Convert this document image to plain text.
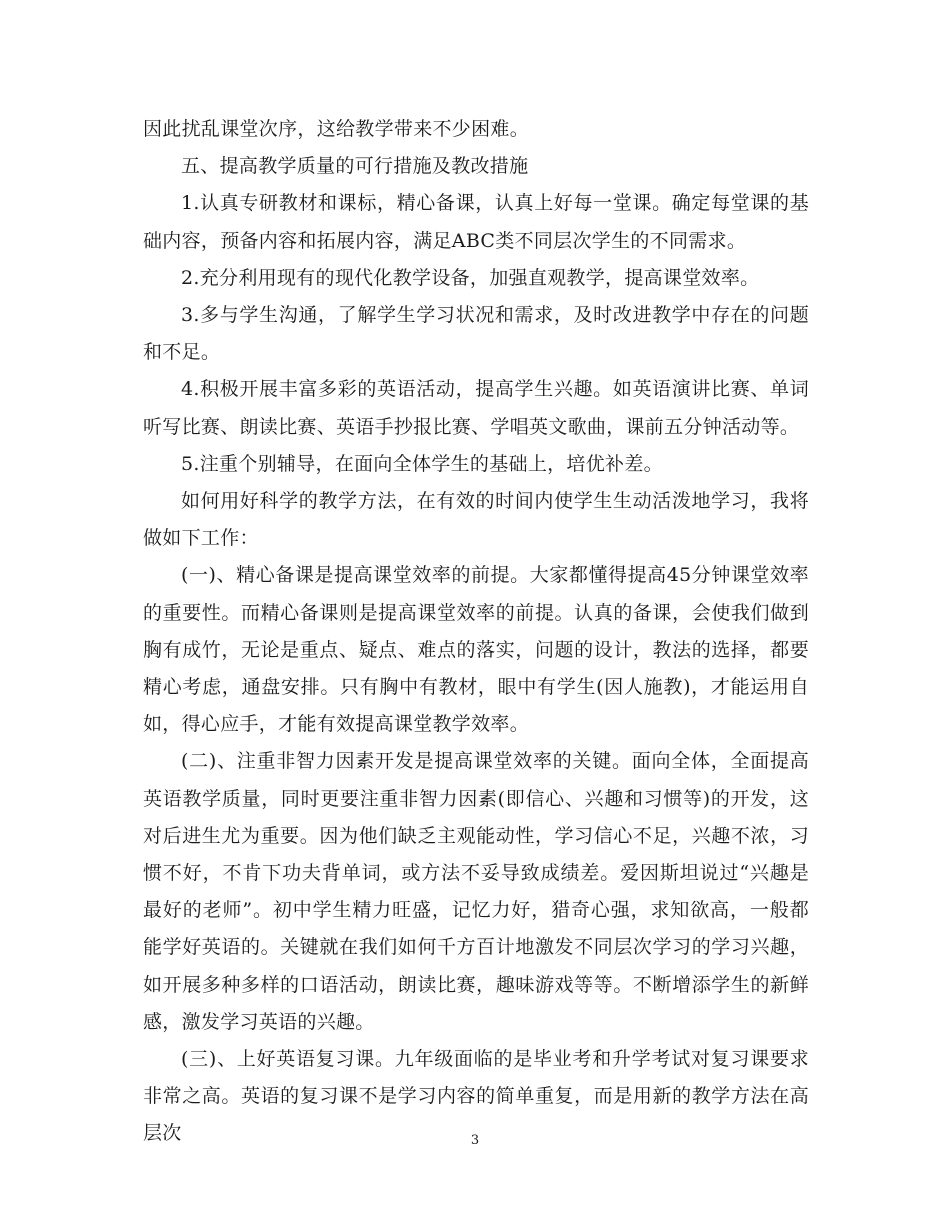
因此扰乱课堂次序，这给教学带来不少困难。

五、提高教学质量的可行措施及教改措施

1.认真专研教材和课标，精心备课，认真上好每一堂课。确定每堂课的基础内容，预备内容和拓展内容，满足ABC类不同层次学生的不同需求。

2.充分利用现有的现代化教学设备，加强直观教学，提高课堂效率。

3.多与学生沟通，了解学生学习状况和需求，及时改进教学中存在的问题和不足。

4.积极开展丰富多彩的英语活动，提高学生兴趣。如英语演讲比赛、单词听写比赛、朗读比赛、英语手抄报比赛、学唱英文歌曲，课前五分钟活动等。

5.注重个别辅导，在面向全体学生的基础上，培优补差。

如何用好科学的教学方法，在有效的时间内使学生生动活泼地学习，我将做如下工作：

(一)、精心备课是提高课堂效率的前提。大家都懂得提高45分钟课堂效率的重要性。而精心备课则是提高课堂效率的前提。认真的备课，会使我们做到胸有成竹，无论是重点、疑点、难点的落实，问题的设计，教法的选择，都要精心考虑，通盘安排。只有胸中有教材，眼中有学生(因人施教)，才能运用自如，得心应手，才能有效提高课堂教学效率。

(二)、注重非智力因素开发是提高课堂效率的关键。面向全体，全面提高英语教学质量，同时更要注重非智力因素(即信心、兴趣和习惯等)的开发，这对后进生尤为重要。因为他们缺乏主观能动性，学习信心不足，兴趣不浓，习惯不好，不肯下功夫背单词，或方法不妥导致成绩差。爱因斯坦说过“兴趣是最好的老师”。初中学生精力旺盛，记忆力好，猎奇心强，求知欲高，一般都能学好英语的。关键就在我们如何千方百计地激发不同层次学习的学习兴趣，如开展多种多样的口语活动，朗读比赛，趣味游戏等等。不断增添学生的新鲜感，激发学习英语的兴趣。

(三)、上好英语复习课。九年级面临的是毕业考和升学考试对复习课要求非常之高。英语的复习课不是学习内容的简单重复，而是用新的教学方法在高层次	3
